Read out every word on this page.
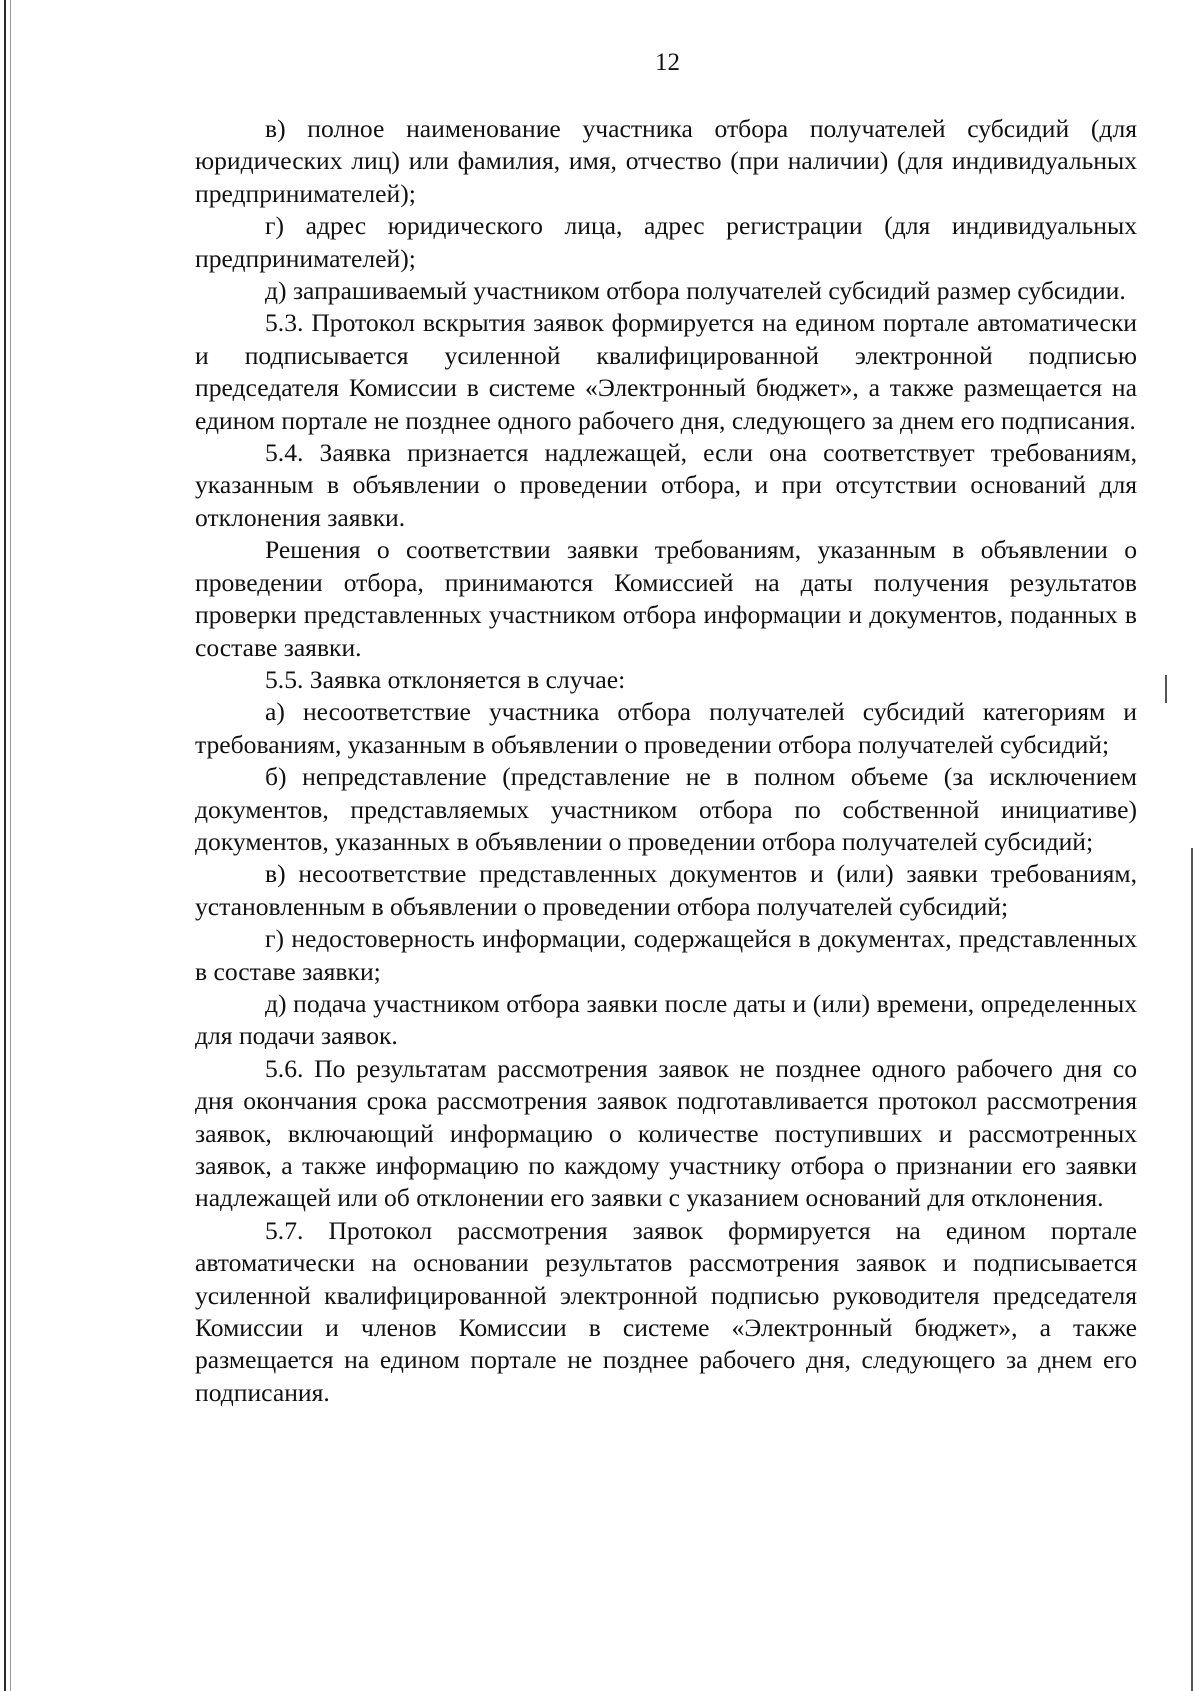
12

в) полное наименование участника отбора получателей субсидий (для юридических лиц) или фамилия, имя, отчество (при наличии) (для индивидуальных предпринимателей);

г) адрес юридического лица, адрес регистрации (для индивидуальных предпринимателей);

д) запрашиваемый участником отбора получателей субсидий размер субсидии.

5.3. Протокол вскрытия заявок формируется на едином портале автоматически и подписывается усиленной квалифицированной электронной подписью председателя Комиссии в системе «Электронный бюджет», а также размещается на едином портале не позднее одного рабочего дня, следующего за днем его подписания.

5.4. Заявка признается надлежащей, если она соответствует требованиям, указанным в объявлении о проведении отбора, и при отсутствии оснований для отклонения заявки.

Решения о соответствии заявки требованиям, указанным в объявлении о проведении отбора, принимаются Комиссией на даты получения результатов проверки представленных участником отбора информации и документов, поданных в составе заявки.

5.5. Заявка отклоняется в случае:

а) несоответствие участника отбора получателей субсидий категориям и требованиям, указанным в объявлении о проведении отбора получателей субсидий;

б) непредставление (представление не в полном объеме (за исключением документов, представляемых участником отбора по собственной инициативе) документов, указанных в объявлении о проведении отбора получателей субсидий;

в) несоответствие представленных документов и (или) заявки требованиям, установленным в объявлении о проведении отбора получателей субсидий;

г) недостоверность информации, содержащейся в документах, представленных в составе заявки;

д) подача участником отбора заявки после даты и (или) времени, определенных для подачи заявок.

5.6. По результатам рассмотрения заявок не позднее одного рабочего дня со дня окончания срока рассмотрения заявок подготавливается протокол рассмотрения заявок, включающий информацию о количестве поступивших и рассмотренных заявок, а также информацию по каждому участнику отбора о признании его заявки надлежащей или об отклонении его заявки с указанием оснований для отклонения.

5.7. Протокол рассмотрения заявок формируется на едином портале автоматически на основании результатов рассмотрения заявок и подписывается усиленной квалифицированной электронной подписью руководителя председателя Комиссии и членов Комиссии в системе «Электронный бюджет», а также размещается на едином портале не позднее рабочего дня, следующего за днем его подписания.
